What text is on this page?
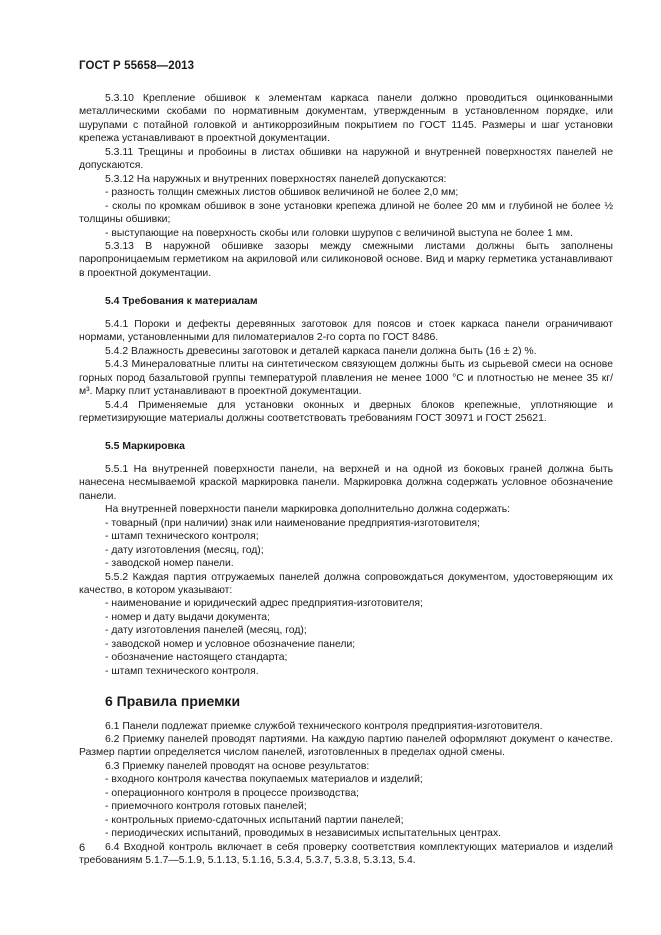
ГОСТ Р 55658—2013

5.3.10 Крепление обшивок к элементам каркаса панели должно проводиться оцинкованными металлическими скобами по нормативным документам, утвержденным в установленном порядке, или шурупами с потайной головкой и антикоррозийным покрытием по ГОСТ 1145. Размеры и шаг установки крепежа устанавливают в проектной документации.

5.3.11 Трещины и пробоины в листах обшивки на наружной и внутренней поверхностях панелей не допускаются.

5.3.12 На наружных и внутренних поверхностях панелей допускаются:

- разность толщин смежных листов обшивок величиной не более 2,0 мм;

- сколы по кромкам обшивок в зоне установки крепежа длиной не более 20 мм и глубиной не более ½ толщины обшивки;

- выступающие на поверхность скобы или головки шурупов с величиной выступа не более 1 мм.

5.3.13 В наружной обшивке зазоры между смежными листами должны быть заполнены паропроницаемым герметиком на акриловой или силиконовой основе. Вид и марку герметика устанавливают в проектной документации.

5.4 Требования к материалам

5.4.1 Пороки и дефекты деревянных заготовок для поясов и стоек каркаса панели ограничивают нормами, установленными для пиломатериалов 2-го сорта по ГОСТ 8486.

5.4.2 Влажность древесины заготовок и деталей каркаса панели должна быть (16 ± 2) %.

5.4.3 Минераловатные плиты на синтетическом связующем должны быть из сырьевой смеси на основе горных пород базальтовой группы температурой плавления не менее 1000 °С и плотностью не менее 35 кг/м³. Марку плит устанавливают в проектной документации.

5.4.4 Применяемые для установки оконных и дверных блоков крепежные, уплотняющие и герметизирующие материалы должны соответствовать требованиям ГОСТ 30971 и ГОСТ 25621.

5.5 Маркировка

5.5.1 На внутренней поверхности панели, на верхней и на одной из боковых граней должна быть нанесена несмываемой краской маркировка панели. Маркировка должна содержать условное обозначение панели.

На внутренней поверхности панели маркировка дополнительно должна содержать:

- товарный (при наличии) знак или наименование предприятия-изготовителя;

- штамп технического контроля;

- дату изготовления (месяц, год);

- заводской номер панели.

5.5.2 Каждая партия отгружаемых панелей должна сопровождаться документом, удостоверяющим их качество, в котором указывают:

- наименование и юридический адрес предприятия-изготовителя;

- номер и дату выдачи документа;

- дату изготовления панелей (месяц, год);

- заводской номер и условное обозначение панели;

- обозначение настоящего стандарта;

- штамп технического контроля.

6 Правила приемки

6.1 Панели подлежат приемке службой технического контроля предприятия-изготовителя.

6.2 Приемку панелей проводят партиями. На каждую партию панелей оформляют документ о качестве. Размер партии определяется числом панелей, изготовленных в пределах одной смены.

6.3 Приемку панелей проводят на основе результатов:

- входного контроля качества покупаемых материалов и изделий;

- операционного контроля в процессе производства;

- приемочного контроля готовых панелей;

- контрольных приемо-сдаточных испытаний партии панелей;

- периодических испытаний, проводимых в независимых испытательных центрах.

6.4 Входной контроль включает в себя проверку соответствия комплектующих материалов и изделий требованиям 5.1.7—5.1.9, 5.1.13, 5.1.16, 5.3.4, 5.3.7, 5.3.8, 5.3.13, 5.4.

6
